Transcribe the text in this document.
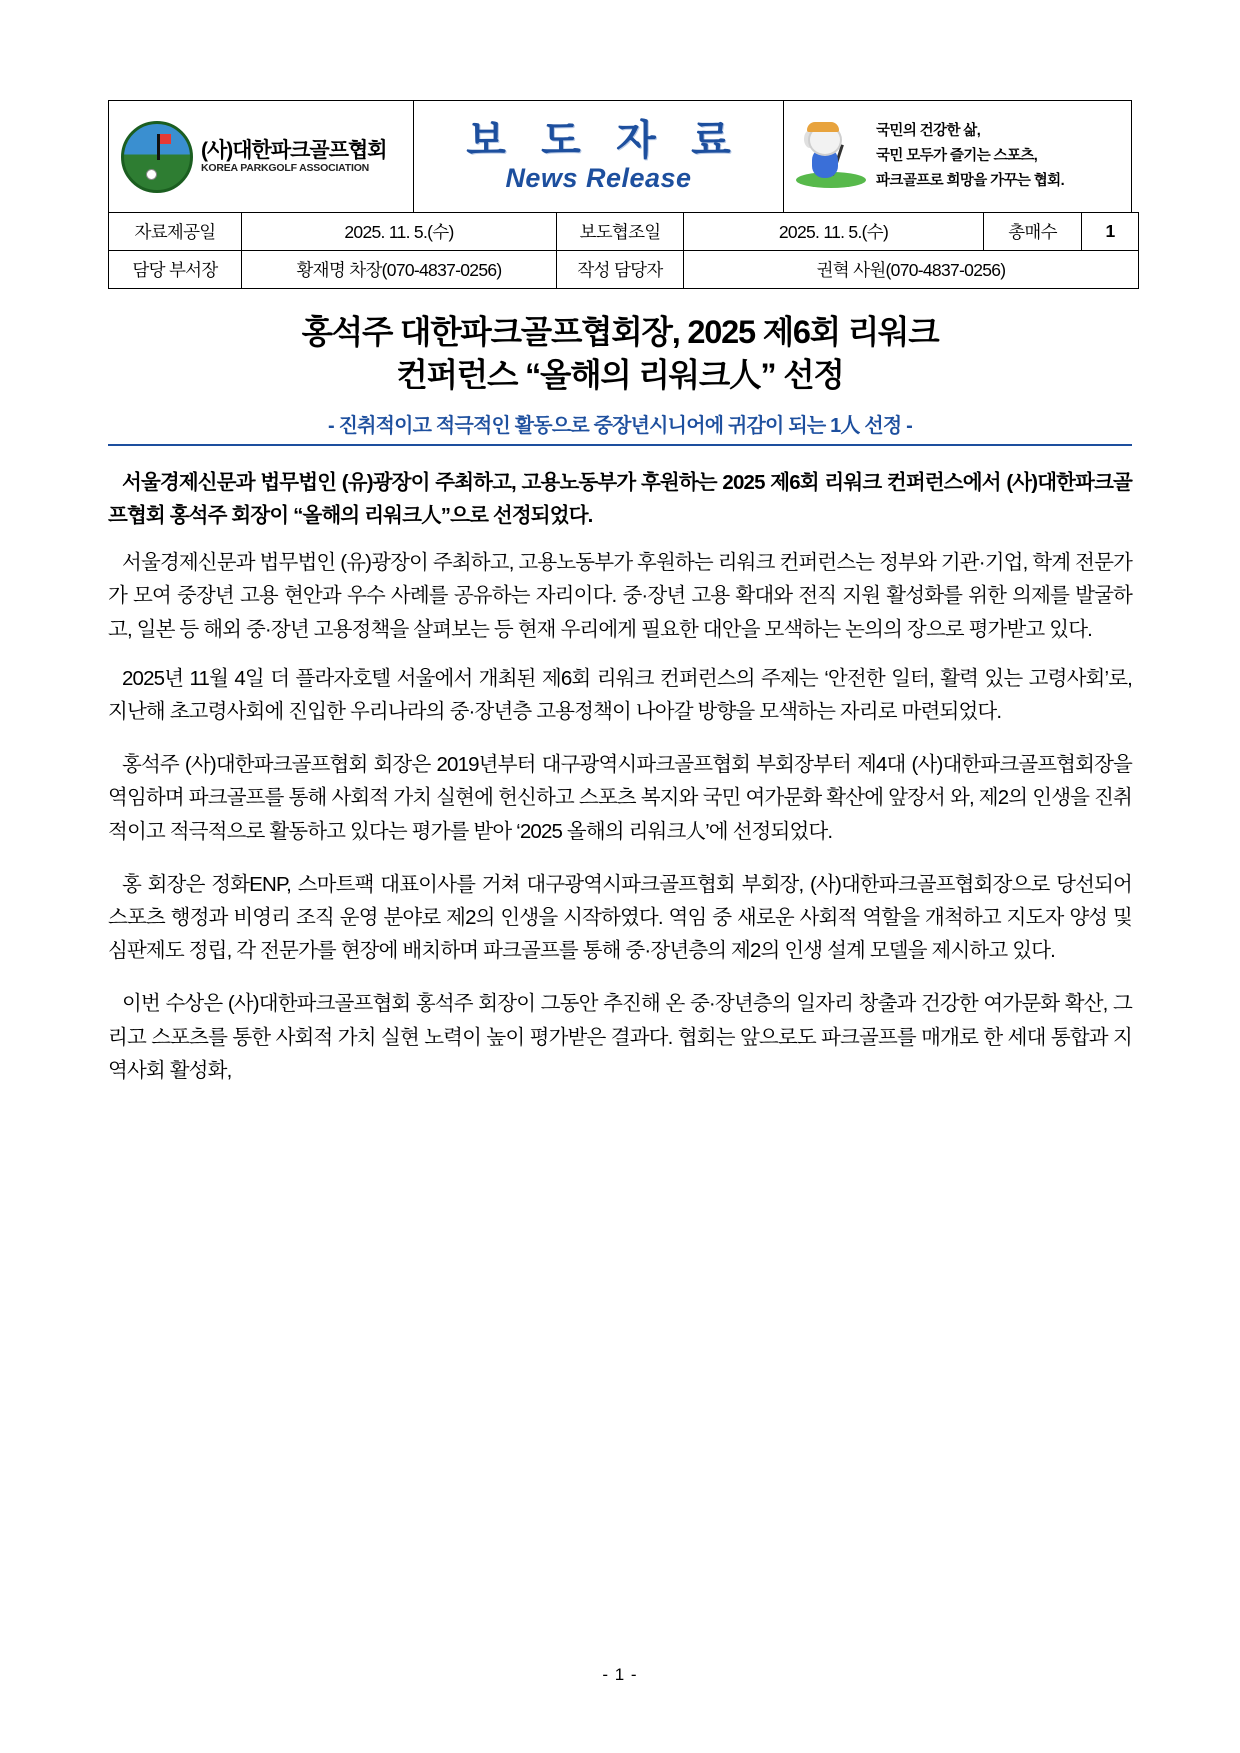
(사)대한파크골프협회
KOREA PARKGOLF ASSOCIATION
보 도 자 료
News Release
국민의 건강한 삶,
국민 모두가 즐기는 스포츠,
파크골프로 희망을 가꾸는 협회.
자료제공일	2025. 11. 5.(수)	보도협조일	2025. 11. 5.(수)	총매수	1
담당 부서장	황재명 차장(070-4837-0256)	작성 담당자	권혁 사원(070-4837-0256)		
홍석주 대한파크골프협회장, 2025 제6회 리워크
컨퍼런스 “올해의 리워크人” 선정
- 진취적이고 적극적인 활동으로 중장년시니어에 귀감이 되는 1人 선정 -

서울경제신문과 법무법인 (유)광장이 주최하고, 고용노동부가 후원하는 2025 제6회 리워크 컨퍼런스에서 (사)대한파크골프협회 홍석주 회장이 “올해의 리워크人”으로 선정되었다.

서울경제신문과 법무법인 (유)광장이 주최하고, 고용노동부가 후원하는 리워크 컨퍼런스는 정부와 기관·기업, 학계 전문가가 모여 중장년 고용 현안과 우수 사례를 공유하는 자리이다. 중·장년 고용 확대와 전직 지원 활성화를 위한 의제를 발굴하고, 일본 등 해외 중·장년 고용정책을 살펴보는 등 현재 우리에게 필요한 대안을 모색하는 논의의 장으로 평가받고 있다.

2025년 11월 4일 더 플라자호텔 서울에서 개최된 제6회 리워크 컨퍼런스의 주제는 ‘안전한 일터, 활력 있는 고령사회’로, 지난해 초고령사회에 진입한 우리나라의 중·장년층 고용정책이 나아갈 방향을 모색하는 자리로 마련되었다.

홍석주 (사)대한파크골프협회 회장은 2019년부터 대구광역시파크골프협회 부회장부터 제4대 (사)대한파크골프협회장을 역임하며 파크골프를 통해 사회적 가치 실현에 헌신하고 스포츠 복지와 국민 여가문화 확산에 앞장서 와, 제2의 인생을 진취적이고 적극적으로 활동하고 있다는 평가를 받아 ‘2025 올해의 리워크人’에 선정되었다.

홍 회장은 정화ENP, 스마트팩 대표이사를 거쳐 대구광역시파크골프협회 부회장, (사)대한파크골프협회장으로 당선되어 스포츠 행정과 비영리 조직 운영 분야로 제2의 인생을 시작하였다. 역임 중 새로운 사회적 역할을 개척하고 지도자 양성 및 심판제도 정립, 각 전문가를 현장에 배치하며 파크골프를 통해 중·장년층의 제2의 인생 설계 모델을 제시하고 있다.

이번 수상은 (사)대한파크골프협회 홍석주 회장이 그동안 추진해 온 중·장년층의 일자리 창출과 건강한 여가문화 확산, 그리고 스포츠를 통한 사회적 가치 실현 노력이 높이 평가받은 결과다. 협회는 앞으로도 파크골프를 매개로 한 세대 통합과 지역사회 활성화,

- 1 -
